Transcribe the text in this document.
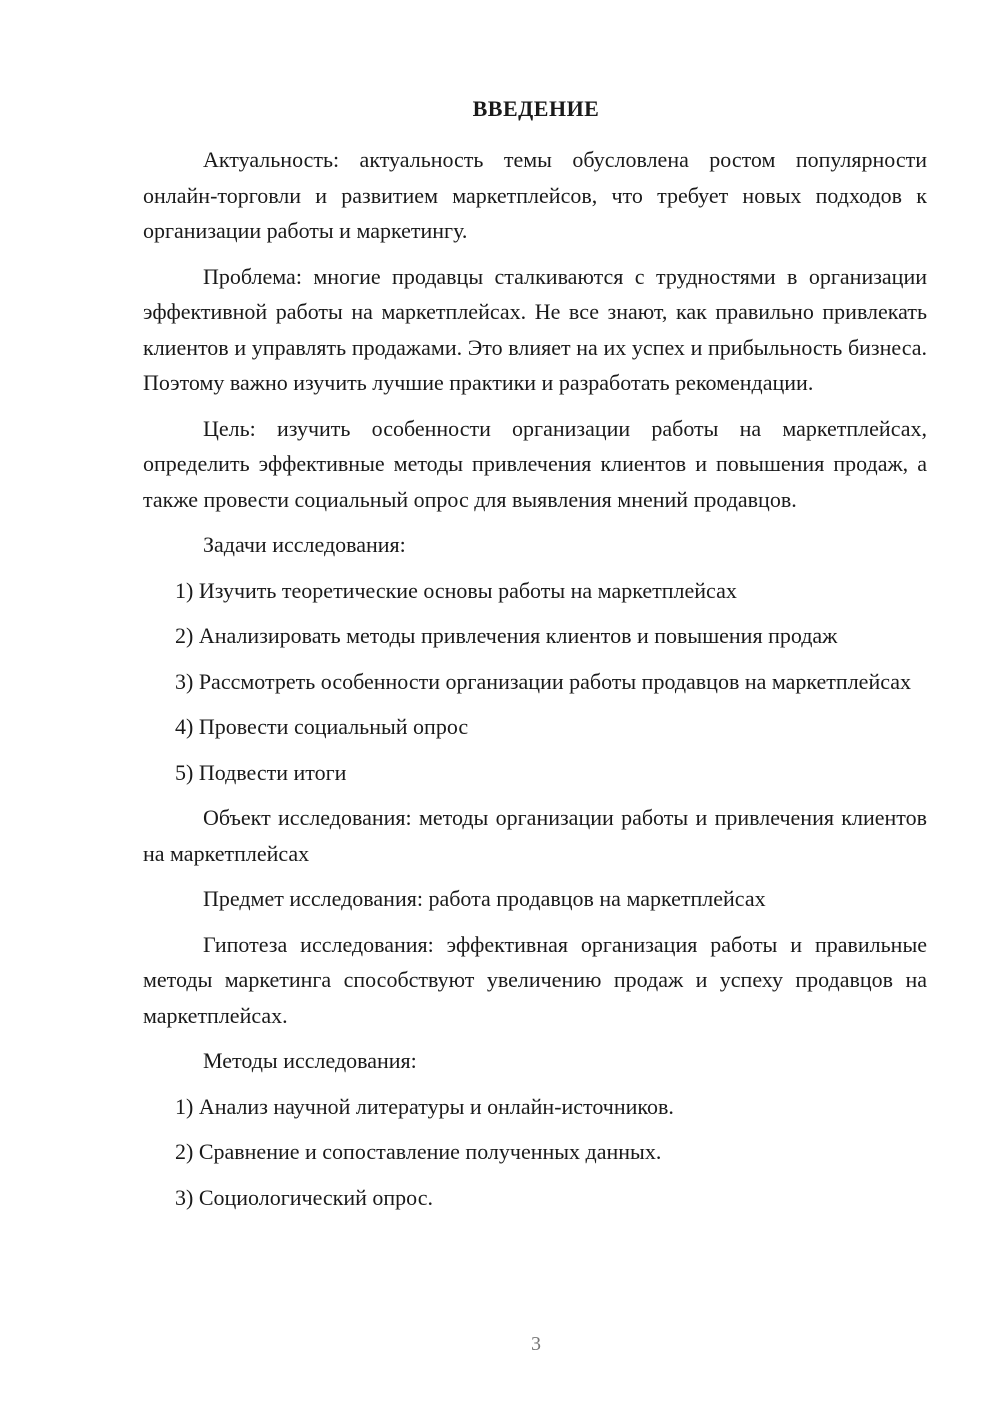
ВВЕДЕНИЕ

Актуальность: актуальность темы обусловлена ростом популярности онлайн-торговли и развитием маркетплейсов, что требует новых подходов к организации работы и маркетингу.

Проблема: многие продавцы сталкиваются с трудностями в организации эффективной работы на маркетплейсах. Не все знают, как правильно привлекать клиентов и управлять продажами. Это влияет на их успех и прибыльность бизнеса. Поэтому важно изучить лучшие практики и разработать рекомендации.

Цель: изучить особенности организации работы на маркетплейсах, определить эффективные методы привлечения клиентов и повышения продаж, а также провести социальный опрос для выявления мнений продавцов.

Задачи исследования:

1) Изучить теоретические основы работы на маркетплейсах

2) Анализировать методы привлечения клиентов и повышения продаж

3) Рассмотреть особенности организации работы продавцов на маркетплейсах

4) Провести социальный опрос

5) Подвести итоги

Объект исследования: методы организации работы и привлечения клиентов на маркетплейсах

Предмет исследования: работа продавцов на маркетплейсах

Гипотеза исследования: эффективная организация работы и правильные методы маркетинга способствуют увеличению продаж и успеху продавцов на маркетплейсах.

Методы исследования:

1) Анализ научной литературы и онлайн-источников.

2) Сравнение и сопоставление полученных данных.

3) Социологический опрос.

3
